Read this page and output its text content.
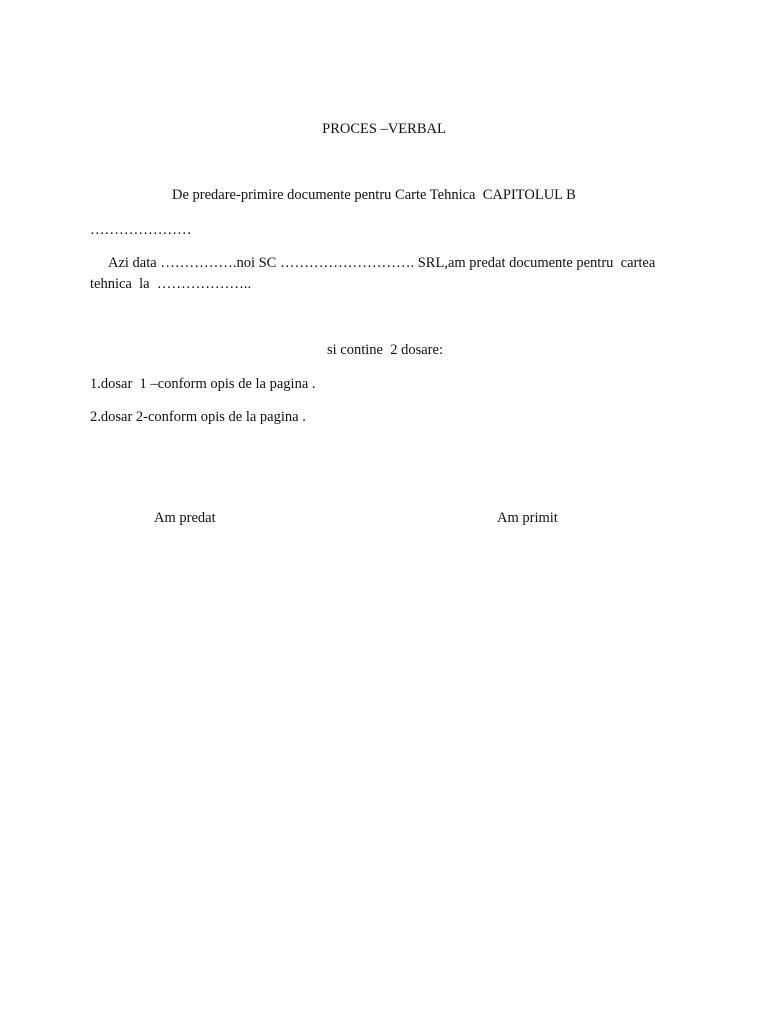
PROCES –VERBAL
De predare-primire documente pentru Carte Tehnica  CAPITOLUL B
…………………
Azi data …………….noi SC ………………………. SRL,am predat documente pentru  cartea
tehnica  la  ………………..
si contine  2 dosare:
1.dosar  1 –conform opis de la pagina .
2.dosar 2-conform opis de la pagina .
Am predat	Am primit
